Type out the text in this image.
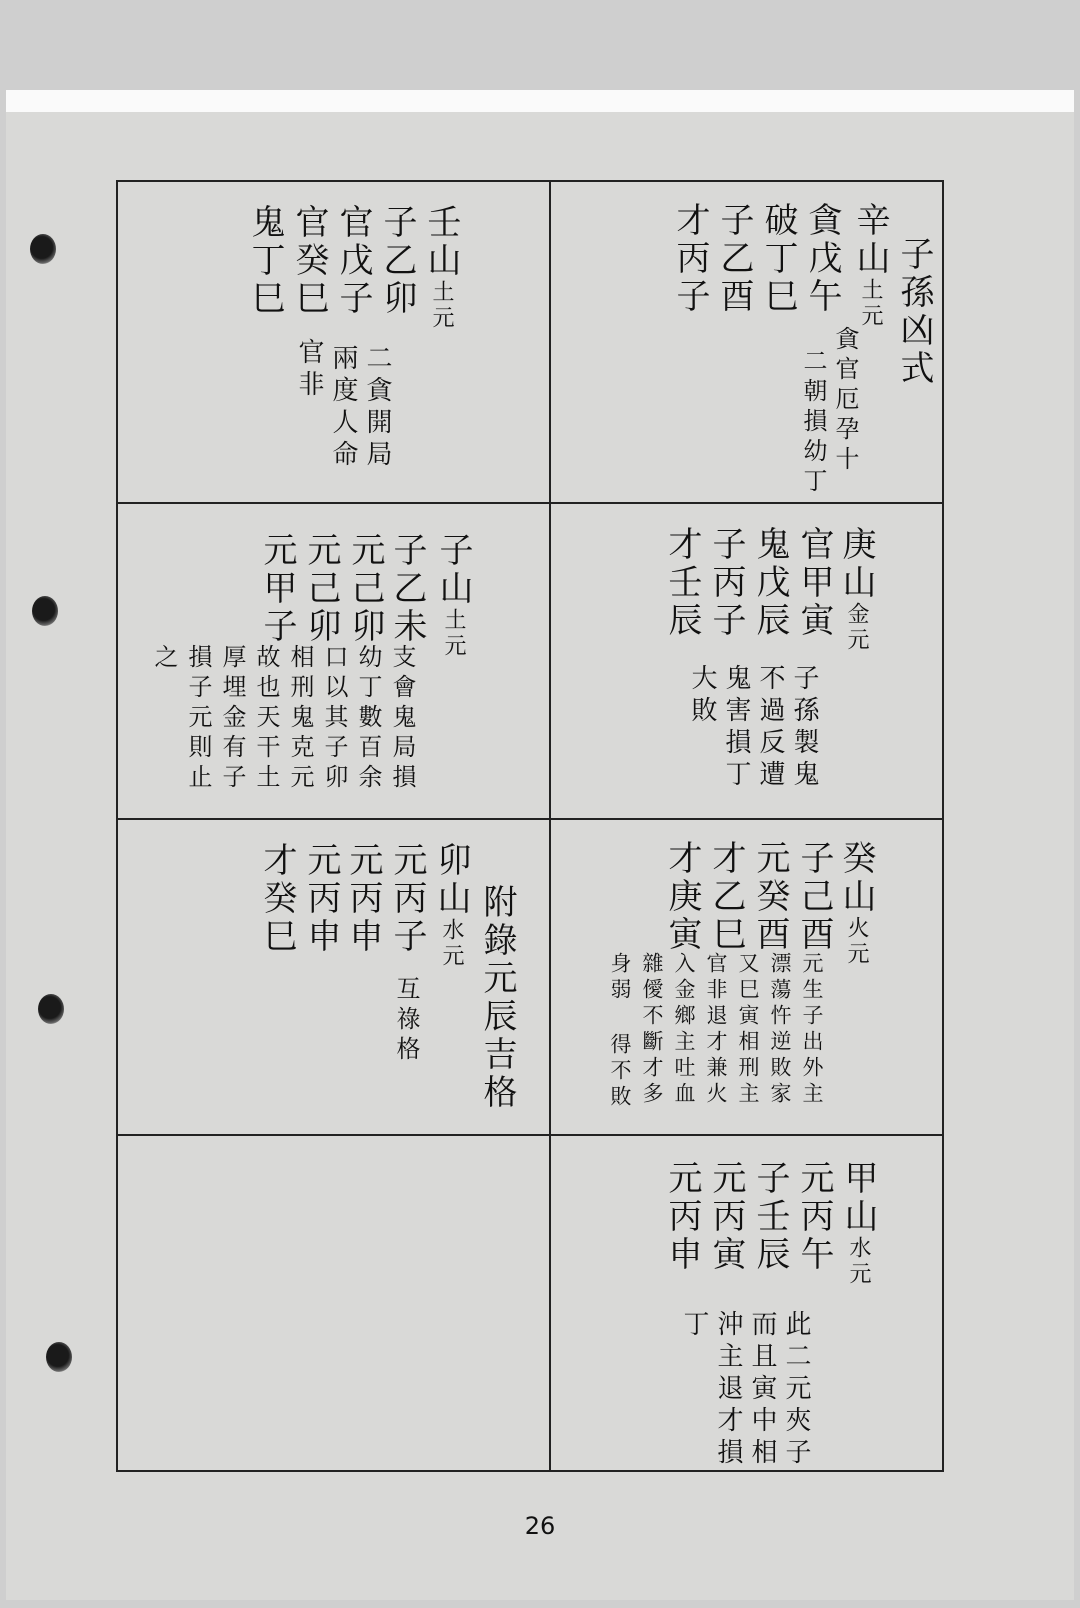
子孫凶式
辛山土元
貪戊午
破丁巳
子乙酉
才丙子
貪官厄孕十
二朝損幼丁
壬山土元
子乙卯
官戊子
官癸巳
鬼丁巳
二貪開局
兩度人命
官非
庚山金元
官甲寅
鬼戊辰
子丙子
才壬辰
子孫製鬼
不過反遭
鬼害損丁
大敗
子山土元
子乙未
元己卯
元己卯
元甲子
支會鬼局損
幼丁數百余
口以其子卯
相刑鬼克元
故也天干土
厚埋金有子
損子元則止
之
癸山火元
子己酉
元癸酉
才乙巳
才庚寅
元生子出外主
漂蕩忤逆敗家
又巳寅相刑主
官非退才兼火
入金鄉主吐血
雜僾不斷才多
身弱 得不敗
附錄元辰吉格
卯山水元
元丙子
元丙申
元丙申
才癸巳
互祿格
甲山水元
元丙午
子壬辰
元丙寅
元丙申
此二元夾子
而且寅中相
沖主退才損
丁
26
